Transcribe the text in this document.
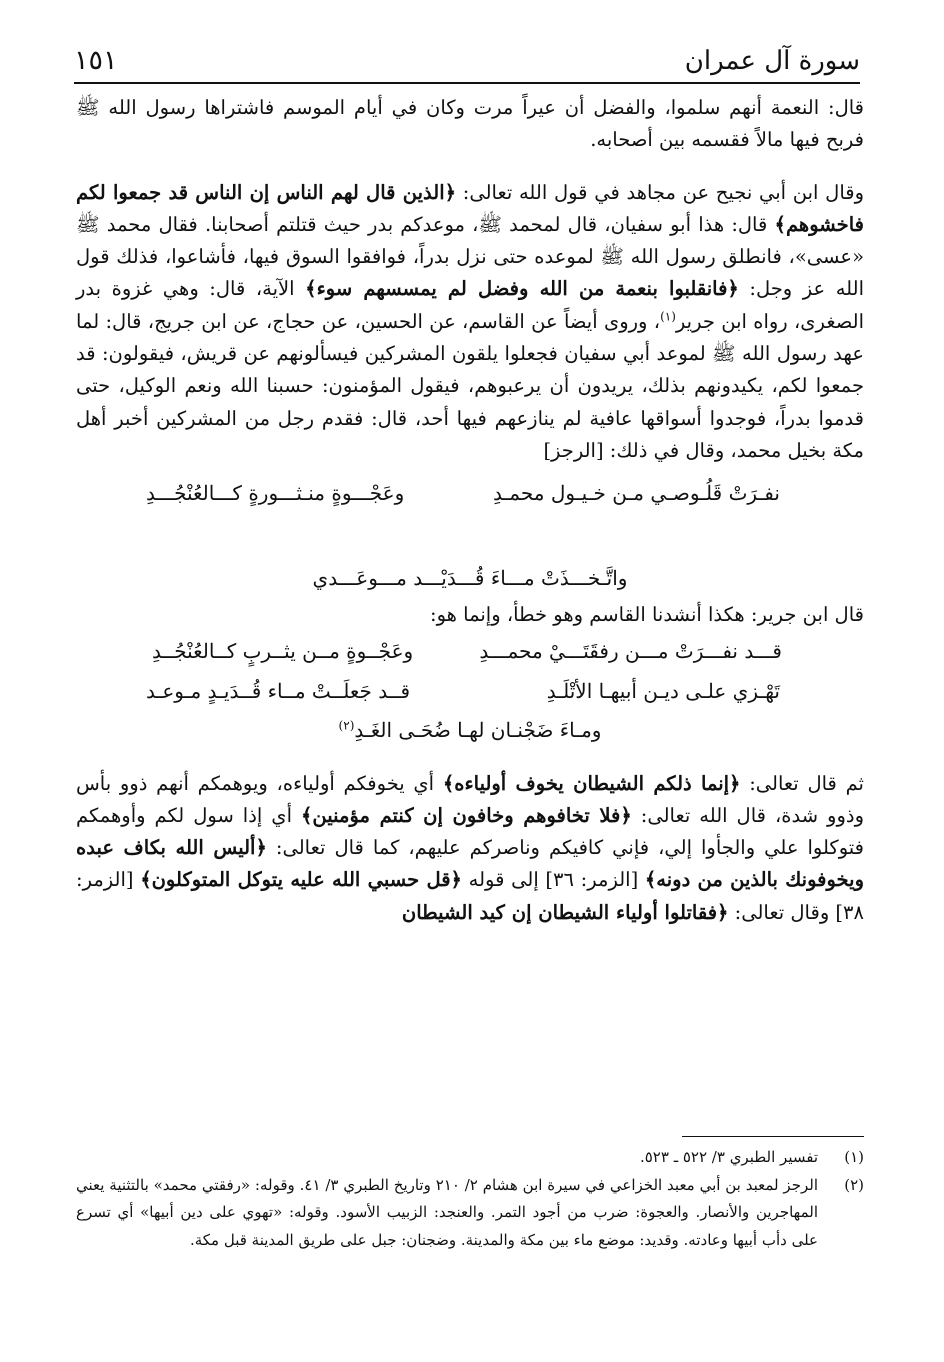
سورة آل عمران
١٥١

قال: النعمة أنهم سلموا، والفضل أن عيراً مرت وكان في أيام الموسم فاشتراها رسول الله ﷺ فربح فيها مالاً فقسمه بين أصحابه.

وقال ابن أبي نجيح عن مجاهد في قول الله تعالى: ﴿الذين قال لهم الناس إن الناس قد جمعوا لكم فاخشوهم﴾ قال: هذا أبو سفيان، قال لمحمد ﷺ، موعدكم بدر حيث قتلتم أصحابنا. فقال محمد ﷺ «عسى»، فانطلق رسول الله ﷺ لموعده حتى نزل بدراً، فوافقوا السوق فيها، فأشاعوا، فذلك قول الله عز وجل: ﴿فانقلبوا بنعمة من الله وفضل لم يمسسهم سوء﴾ الآية، قال: وهي غزوة بدر الصغرى، رواه ابن جرير$^{(١)}$، وروى أيضاً عن القاسم، عن الحسين، عن حجاج، عن ابن جريج، قال: لما عهد رسول الله ﷺ لموعد أبي سفيان فجعلوا يلقون المشركين فيسألونهم عن قريش، فيقولون: قد جمعوا لكم، يكيدونهم بذلك، يريدون أن يرعبوهم، فيقول المؤمنون: حسبنا الله ونعم الوكيل، حتى قدموا بدراً، فوجدوا أسواقها عافية لم ينازعهم فيها أحد، قال: فقدم رجل من المشركين أخبر أهل مكة بخيل محمد، وقال في ذلك: [الرجز]

نفـرَتْ قَلُـوصـي مـن خـيـول محمـدِ
وعَجْـــوةٍ منـثـــورةٍ كـــالعُنْجُـــدِ
واتَّـخـــذَتْ مـــاءَ قُـــدَيْـــد مـــوعَـــدي

قال ابن جرير: هكذا أنشدنا القاسم وهو خطأ، وإنما هو:

قـــد نفـــرَتْ مـــن رفقَتَـــيْ محمـــدِ
وعَجْــوةٍ مــن يثــربٍ كــالعُنْجُــدِ
تَهْـزي علـى ديـن أبيهـا الأتْلَـدِ
قــد جَعلَــتْ مــاء قُــدَيـدٍ مـوعـد
ومـاءَ ضَجْنـان لهـا ضُحَـى الغَـدِ$^{(٢)}$

ثم قال تعالى: ﴿إنما ذلكم الشيطان يخوف أولياءه﴾ أي يخوفكم أولياءه، ويوهمكم أنهم ذوو بأس وذوو شدة، قال الله تعالى: ﴿فلا تخافوهم وخافون إن كنتم مؤمنين﴾ أي إذا سول لكم وأوهمكم فتوكلوا علي والجأوا إلي، فإني كافيكم وناصركم عليهم، كما قال تعالى: ﴿أليس الله بكاف عبده ويخوفونك بالذين من دونه﴾ [الزمر: ٣٦] إلى قوله ﴿قل حسبي الله عليه يتوكل المتوكلون﴾ [الزمر: ٣٨] وقال تعالى: ﴿فقاتلوا أولياء الشيطان إن كيد الشيطان

(١)
تفسير الطبري ٣/ ٥٢٢ ـ ٥٢٣.
(٢)
الرجز لمعبد بن أبي معبد الخزاعي في سيرة ابن هشام ٢/ ٢١٠ وتاريخ الطبري ٣/ ٤١. وقوله: «رفقتي محمد» بالتثنية يعني المهاجرين والأنصار. والعجوة: ضرب من أجود التمر. والعنجد: الزبيب الأسود. وقوله: «تهوي على دين أبيها» أي تسرع على دأب أبيها وعادته. وقديد: موضع ماء بين مكة والمدينة. وضجنان: جبل على طريق المدينة قبل مكة.
